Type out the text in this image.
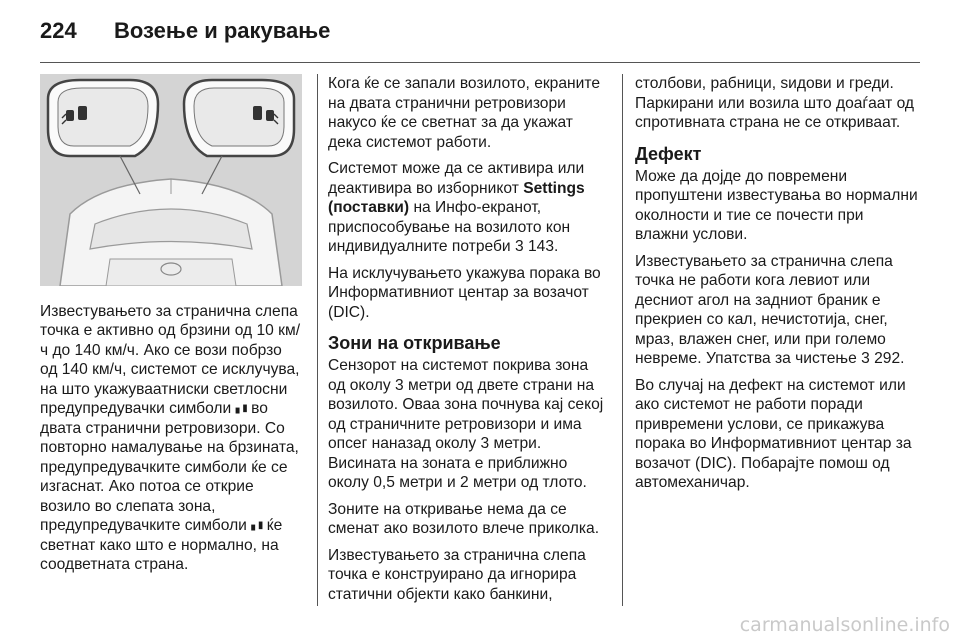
224	Возење и ракување

Известувањето за странична слепа точка е активно од брзини од 10 км/ч до 140 км/ч. Ако се вози побрзо од 140 км/ч, системот се исклучува, на што укажуваатниски светлосни предупредувачки симболи ▖▮ во двата странични ретровизори. Со повторно намалување на брзината, предупредувачките симболи ќе се изгаснат. Ако потоа се открие возило во слепата зона, предупредувачките симболи ▖▮ ќе светнат како што е нормално, на соодветната страна.

Кога ќе се запали возилото, екраните на двата странични ретровизори накусо ќе се светнат за да укажат дека системот работи.

Системот може да се активира или деактивира во изборникот Settings (поставки) на Инфо-екранот, приспособување на возилото кон индивидуалните потреби 3 143.

На исклучувањето укажува порака во Информативниот центар за возачот (DIC).

Зони на откривање

Сензорот на системот покрива зона од околу 3 метри од двете страни на возилото. Оваа зона почнува кај секој од страничните ретровизори и има опсег наназад околу 3 метри. Висината на зоната е приближно околу 0,5 метри и 2 метри од тлото.

Зоните на откривање нема да се сменат ако возилото влече приколка.

Известувањето за странична слепа точка е конструирано да игнорира статични објекти како банкини,

столбови, рабници, ѕидови и греди. Паркирани или возила што доаѓаат од спротивната страна не се откриваат.

Дефект

Може да дојде до повремени пропуштени известувања во нормални околности и тие се почести при влажни услови.

Известувањето за странична слепа точка не работи кога левиот или десниот агол на задниот браник е прекриен со кал, нечистотија, снег, мраз, влажен снег, или при големо невреме. Упатства за чистење 3 292.

Во случај на дефект на системот или ако системот не работи поради привремени услови, се прикажува порака во Информативниот центар за возачот (DIC). Побарајте помош од автомеханичар.

carmanualsonline.info
